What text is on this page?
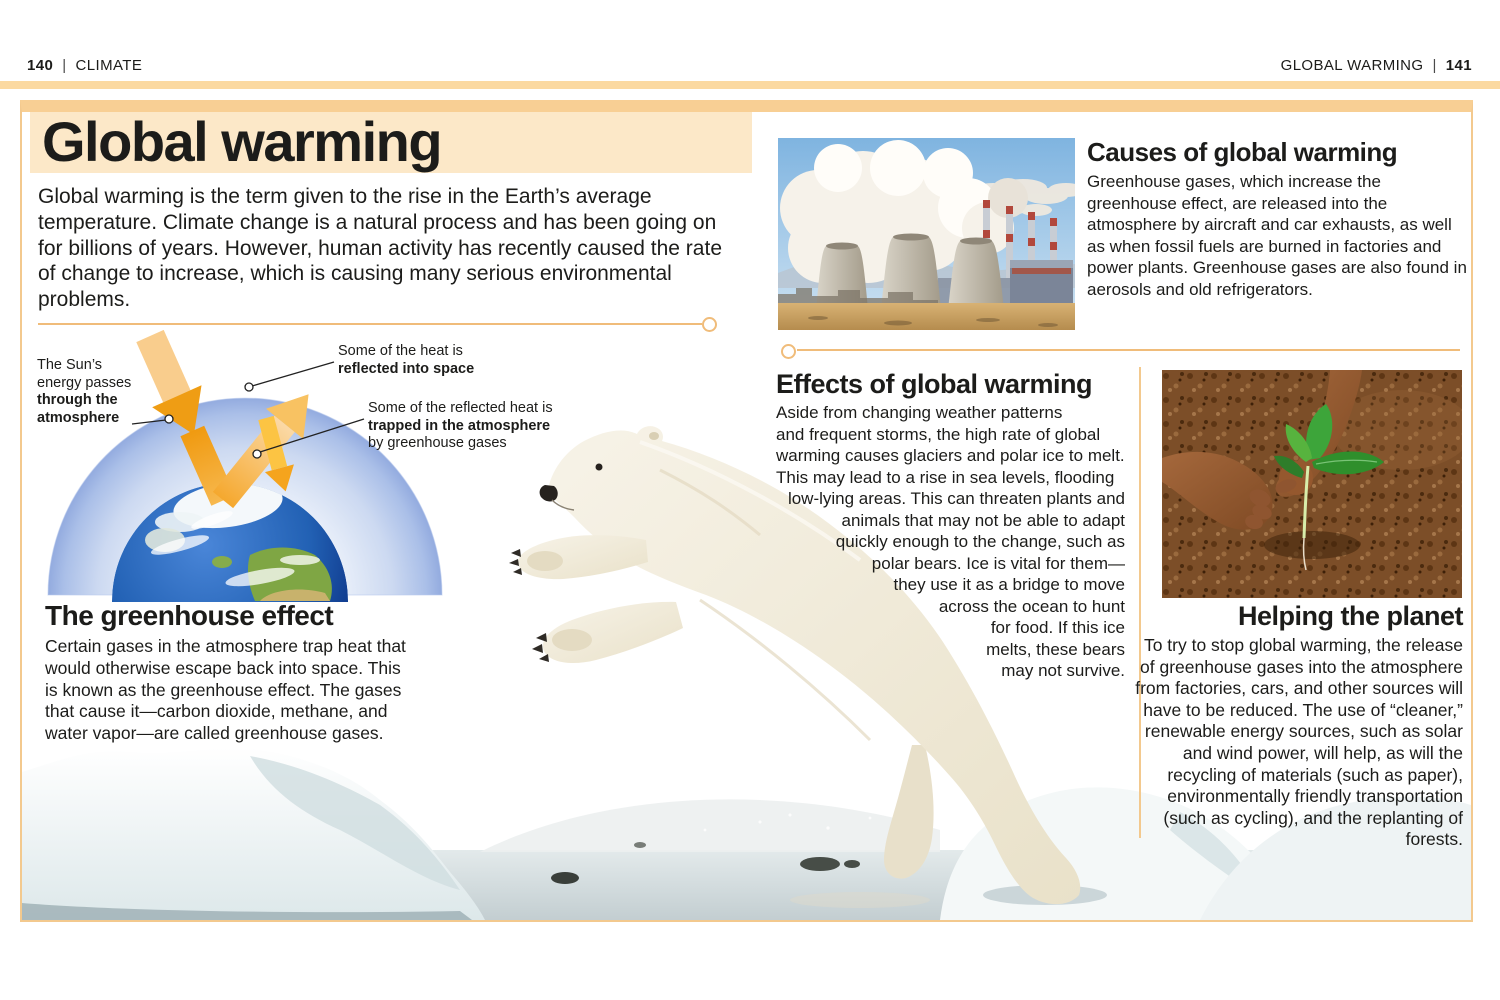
140 | CLIMATE	GLOBAL WARMING | 141
Global warming

Global warming is the term given to the rise in the Earth’s average temperature. Climate change is a natural process and has been going on for billions of years. However, human activity has recently caused the rate of change to increase, which is causing many serious environmental problems.

The Sun’s energy passes through the atmosphere
Some of the heat is
reflected into space
Some of the reflected heat is
trapped in the atmosphere
by greenhouse gases
The greenhouse effect

Certain gases in the atmosphere trap heat that would otherwise escape back into space. This is known as the greenhouse effect. The gases that cause it—carbon dioxide, methane, and water vapor—are called greenhouse gases.

Causes of global warming

Greenhouse gases, which increase the greenhouse effect, are released into the atmosphere by aircraft and car exhausts, as well as when fossil fuels are burned in factories and power plants. Greenhouse gases are also found in aerosols and old refrigerators.

Effects of global warming
Aside from changing weather patterns
and frequent storms, the high rate of global
warming causes glaciers and polar ice to melt.
This may lead to a rise in sea levels, flooding
low-lying areas. This can threaten plants and
animals that may not be able to adapt
quickly enough to the change, such as
polar bears. Ice is vital for them—
they use it as a bridge to move
across the ocean to hunt
for food. If this ice
melts, these bears
may not survive.
Helping the planet

To try to stop global warming, the release of greenhouse gases into the atmosphere from factories, cars, and other sources will have to be reduced. The use of “cleaner,” renewable energy sources, such as solar and wind power, will help, as will the recycling of materials (such as paper), environmentally friendly transportation (such as cycling), and the replanting of forests.
